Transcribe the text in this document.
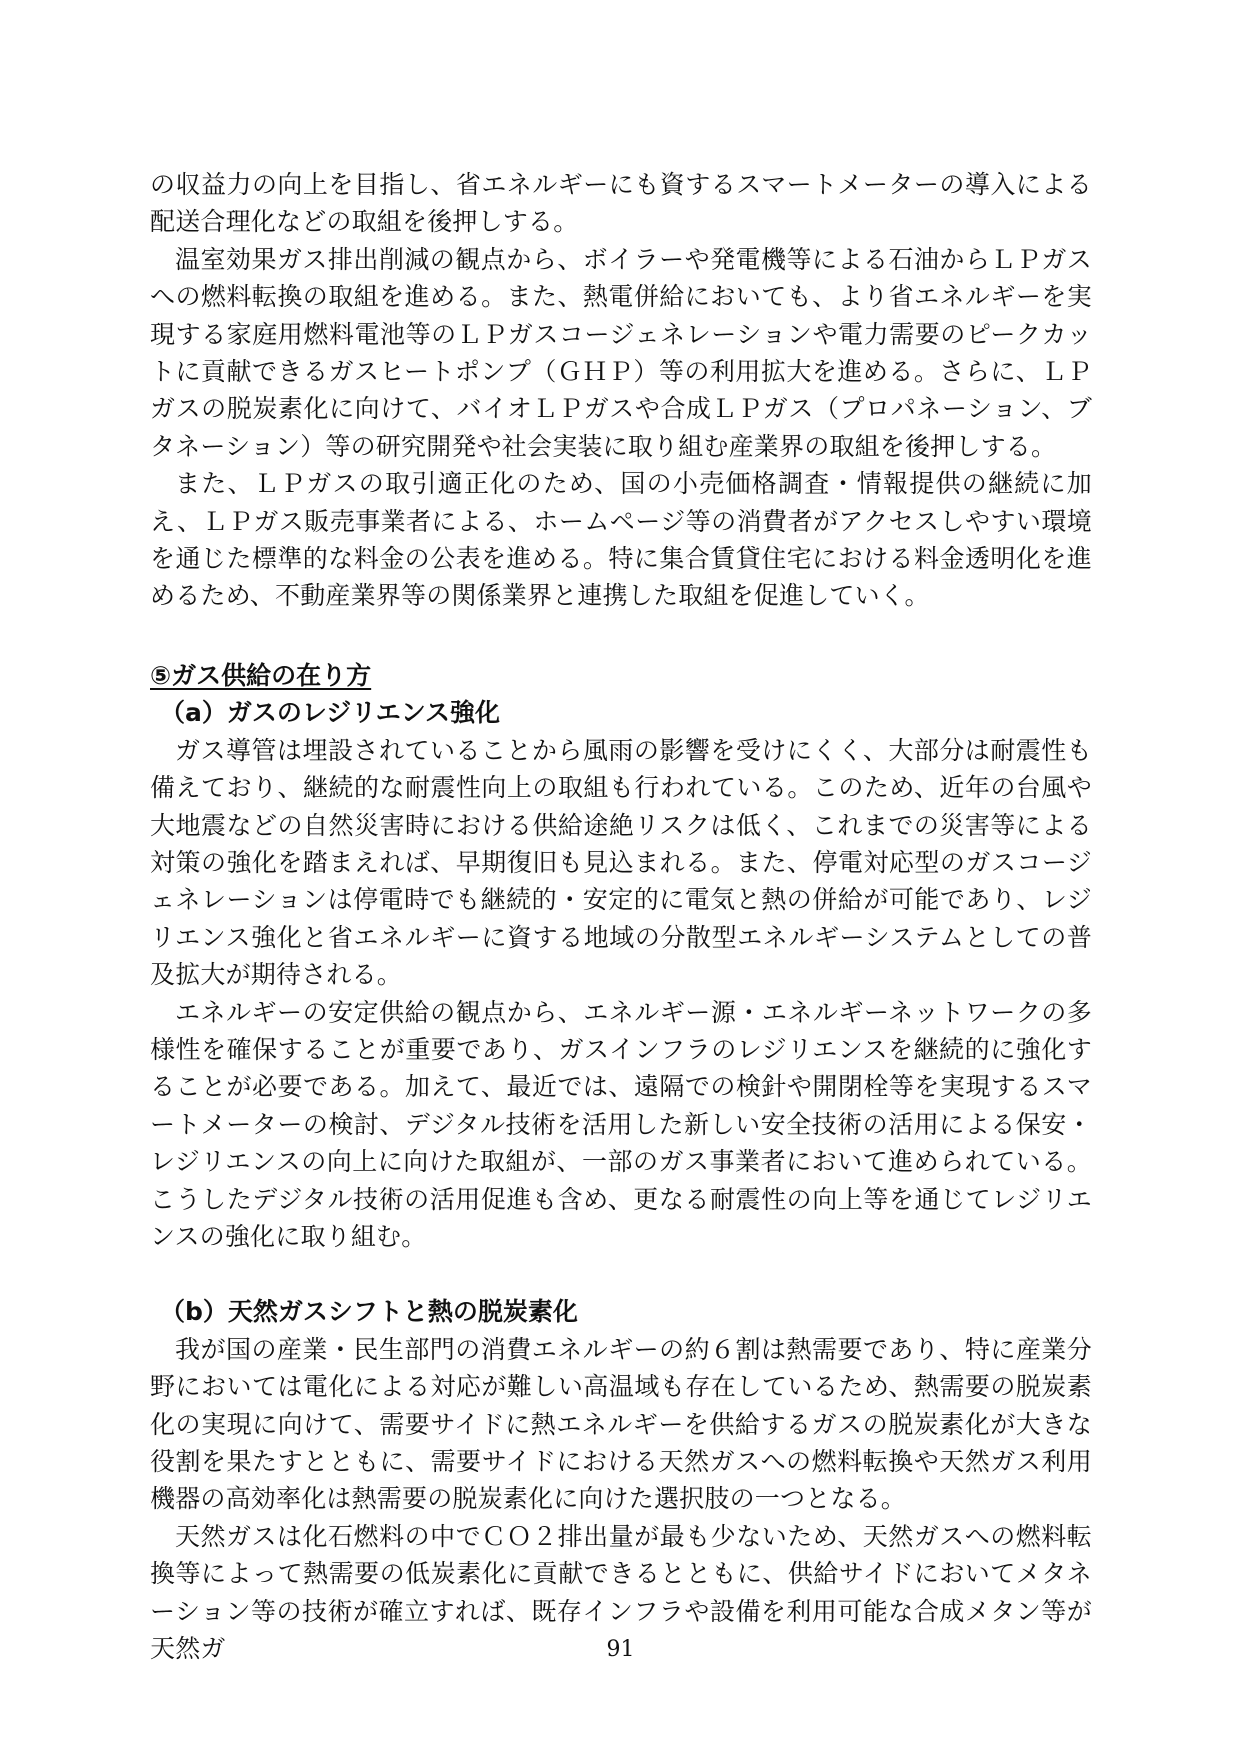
の収益力の向上を目指し、省エネルギーにも資するスマートメーターの導入による配送合理化などの取組を後押しする。

温室効果ガス排出削減の観点から、ボイラーや発電機等による石油からＬＰガスへの燃料転換の取組を進める。また、熱電併給においても、より省エネルギーを実現する家庭用燃料電池等のＬＰガスコージェネレーションや電力需要のピークカットに貢献できるガスヒートポンプ（ＧＨＰ）等の利用拡大を進める。さらに、ＬＰガスの脱炭素化に向けて、バイオＬＰガスや合成ＬＰガス（プロパネーション、ブタネーション）等の研究開発や社会実装に取り組む産業界の取組を後押しする。

また、ＬＰガスの取引適正化のため、国の小売価格調査・情報提供の継続に加え、ＬＰガス販売事業者による、ホームページ等の消費者がアクセスしやすい環境を通じた標準的な料金の公表を進める。特に集合賃貸住宅における料金透明化を進めるため、不動産業界等の関係業界と連携した取組を促進していく。

⑤ガス供給の在り方
（a）ガスのレジリエンス強化

ガス導管は埋設されていることから風雨の影響を受けにくく、大部分は耐震性も備えており、継続的な耐震性向上の取組も行われている。このため、近年の台風や大地震などの自然災害時における供給途絶リスクは低く、これまでの災害等による対策の強化を踏まえれば、早期復旧も見込まれる。また、停電対応型のガスコージェネレーションは停電時でも継続的・安定的に電気と熱の併給が可能であり、レジリエンス強化と省エネルギーに資する地域の分散型エネルギーシステムとしての普及拡大が期待される。

エネルギーの安定供給の観点から、エネルギー源・エネルギーネットワークの多様性を確保することが重要であり、ガスインフラのレジリエンスを継続的に強化することが必要である。加えて、最近では、遠隔での検針や開閉栓等を実現するスマートメーターの検討、デジタル技術を活用した新しい安全技術の活用による保安・レジリエンスの向上に向けた取組が、一部のガス事業者において進められている。こうしたデジタル技術の活用促進も含め、更なる耐震性の向上等を通じてレジリエンスの強化に取り組む。

（b）天然ガスシフトと熱の脱炭素化

我が国の産業・民生部門の消費エネルギーの約６割は熱需要であり、特に産業分野においては電化による対応が難しい高温域も存在しているため、熱需要の脱炭素化の実現に向けて、需要サイドに熱エネルギーを供給するガスの脱炭素化が大きな役割を果たすとともに、需要サイドにおける天然ガスへの燃料転換や天然ガス利用機器の高効率化は熱需要の脱炭素化に向けた選択肢の一つとなる。

天然ガスは化石燃料の中でＣＯ２排出量が最も少ないため、天然ガスへの燃料転換等によって熱需要の低炭素化に貢献できるとともに、供給サイドにおいてメタネーション等の技術が確立すれば、既存インフラや設備を利用可能な合成メタン等が天然ガ	91
